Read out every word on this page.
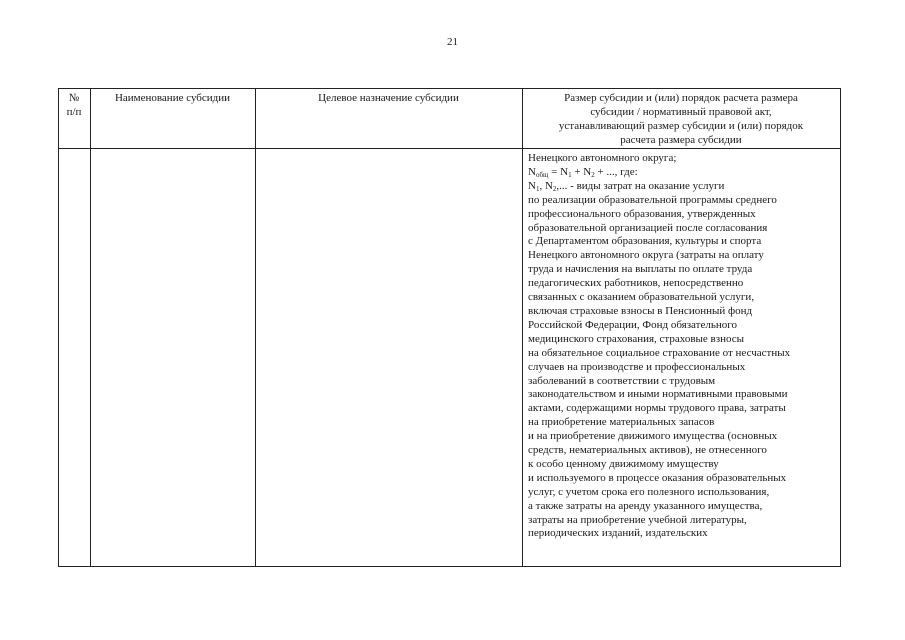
21
№
п/п
Наименование субсидии	Целевое назначение субсидии	Размер субсидии и (или) порядок расчета размера
субсидии / нормативный правовой акт,
устанавливающий размер субсидии и (или) порядок
расчета размера субсидии
Ненецкого автономного округа;
$N_{общ} = N_1 + N_2$ + ..., где:
$N_1$, $N_2$,... - виды затрат на оказание услуги
по реализации образовательной программы среднего
профессионального образования, утвержденных
образовательной организацией после согласования
с Департаментом образования, культуры и спорта
Ненецкого автономного округа (затраты на оплату
труда и начисления на выплаты по оплате труда
педагогических работников, непосредственно
связанных с оказанием образовательной услуги,
включая страховые взносы в Пенсионный фонд
Российской Федерации, Фонд обязательного
медицинского страхования, страховые взносы
на обязательное социальное страхование от несчастных
случаев на производстве и профессиональных
заболеваний в соответствии с трудовым
законодательством и иными нормативными правовыми
актами, содержащими нормы трудового права, затраты
на приобретение материальных запасов
и на приобретение движимого имущества (основных
средств, нематериальных активов), не отнесенного
к особо ценному движимому имуществу
и используемого в процессе оказания образовательных
услуг, с учетом срока его полезного использования,
а также затраты на аренду указанного имущества,
затраты на приобретение учебной литературы,
периодических изданий, издательских
